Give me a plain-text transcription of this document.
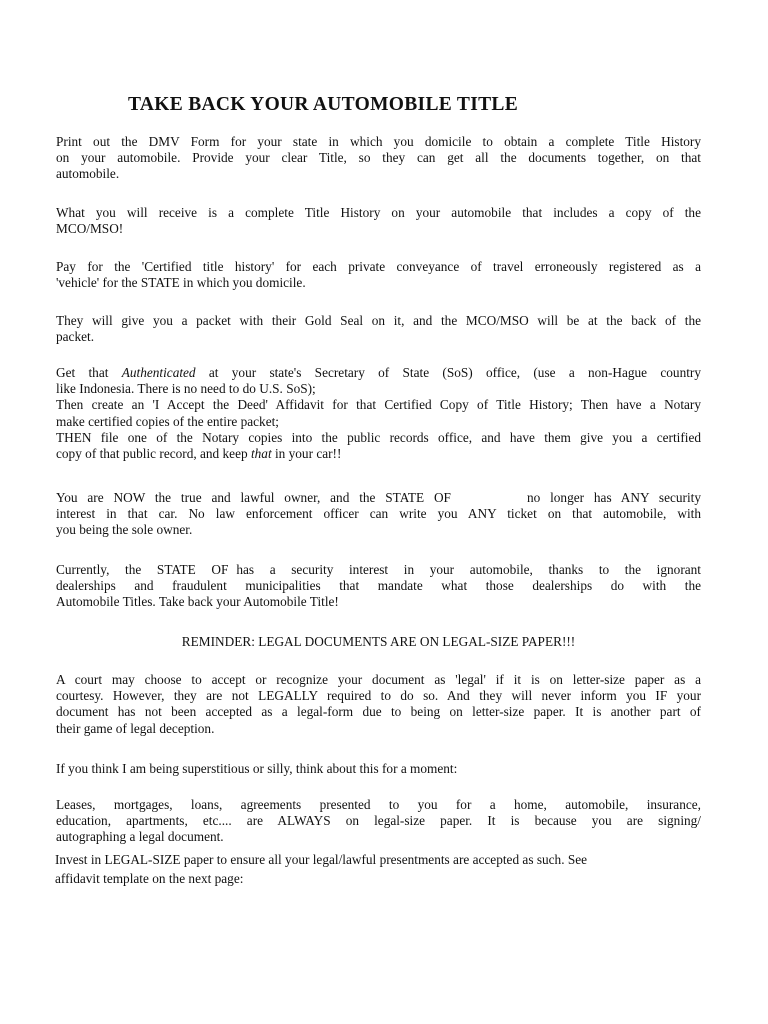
TAKE BACK YOUR AUTOMOBILE TITLE
Print out the DMV Form for your state in which you domicile to obtain a complete Title History
on your automobile. Provide your clear Title, so they can get all the documents together, on that
automobile.
What you will receive is a complete Title History on your automobile that includes a copy of the
MCO/MSO!
Pay for the 'Certified title history' for each private conveyance of travel erroneously registered as a
'vehicle' for the STATE in which you domicile.
They will give you a packet with their Gold Seal on it, and the MCO/MSO will be at the back of the
packet.
Get that Authenticated at your state's Secretary of State (SoS) office, (use a non-Hague country
like Indonesia. There is no need to do U.S. SoS);
Then create an 'I Accept the Deed' Affidavit for that Certified Copy of Title History; Then have a Notary
make certified copies of the entire packet;
THEN file one of the Notary copies into the public records office, and have them give you a certified
copy of that public record, and keep that in your car!!
You are NOW the true and lawful owner, and the STATE OF	no longer has ANY security
interest in that car. No law enforcement officer can write you ANY ticket on that automobile, with
you being the sole owner.
Currently, the STATE OF has a security interest in your automobile, thanks to the ignorant
dealerships and fraudulent municipalities that mandate what those dealerships do with the
Automobile Titles. Take back your Automobile Title!
REMINDER: LEGAL DOCUMENTS ARE ON LEGAL-SIZE PAPER!!!
A court may choose to accept or recognize your document as 'legal' if it is on letter-size paper as a
courtesy. However, they are not LEGALLY required to do so. And they will never inform you IF your
document has not been accepted as a legal-form due to being on letter-size paper. It is another part of
their game of legal deception.
If you think I am being superstitious or silly, think about this for a moment:
Leases, mortgages, loans, agreements presented to you for a home, automobile, insurance,
education, apartments, etc.... are ALWAYS on legal-size paper. It is because you are signing/
autographing a legal document.
Invest in LEGAL-SIZE paper to ensure all your legal/lawful presentments are accepted as such. See
affidavit template on the next page:
